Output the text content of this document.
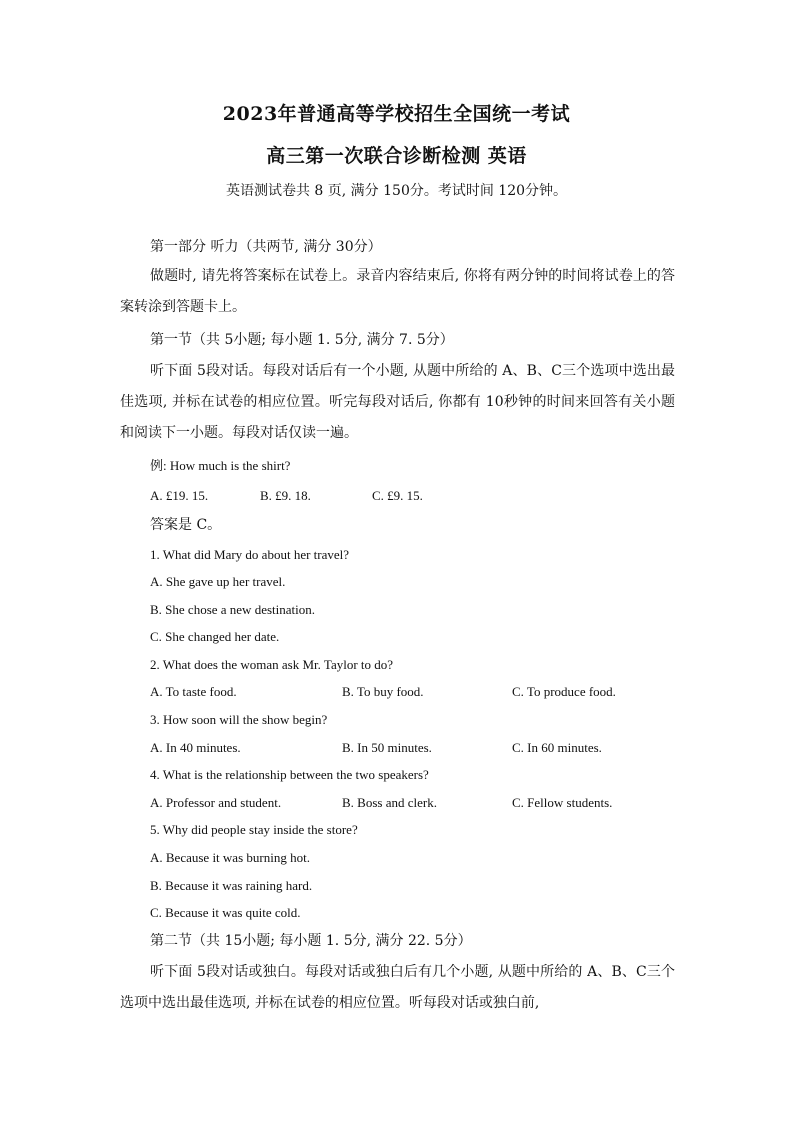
2023年普通高等学校招生全国统一考试
高三第一次联合诊断检测 英语
英语测试卷共 8 页, 满分 150分。考试时间 120分钟。
第一部分 听力（共两节, 满分 30分）
做题时, 请先将答案标在试卷上。录音内容结束后, 你将有两分钟的时间将试卷上的答案转涂到答题卡上。
第一节（共 5小题; 每小题 1. 5分, 满分 7. 5分）
听下面 5段对话。每段对话后有一个小题, 从题中所给的 A、B、C三个选项中选出最佳选项, 并标在试卷的相应位置。听完每段对话后, 你都有 10秒钟的时间来回答有关小题和阅读下一小题。每段对话仅读一遍。
例: How much is the shirt?
A. £19. 15.	B. £9. 18.	C. £9. 15.
答案是 C。
1. What did Mary do about her travel?
A. She gave up her travel.
B. She chose a new destination.
C. She changed her date.
2. What does the woman ask Mr. Taylor to do?
A. To taste food.	B. To buy food.	C. To produce food.
3. How soon will the show begin?
A. In 40 minutes.	B. In 50 minutes.	C. In 60 minutes.
4. What is the relationship between the two speakers?
A. Professor and student.	B. Boss and clerk.	C. Fellow students.
5. Why did people stay inside the store?
A. Because it was burning hot.
B. Because it was raining hard.
C. Because it was quite cold.
第二节（共 15小题; 每小题 1. 5分, 满分 22. 5分）
听下面 5段对话或独白。每段对话或独白后有几个小题, 从题中所给的 A、B、C三个选项中选出最佳选项, 并标在试卷的相应位置。听每段对话或独白前,
